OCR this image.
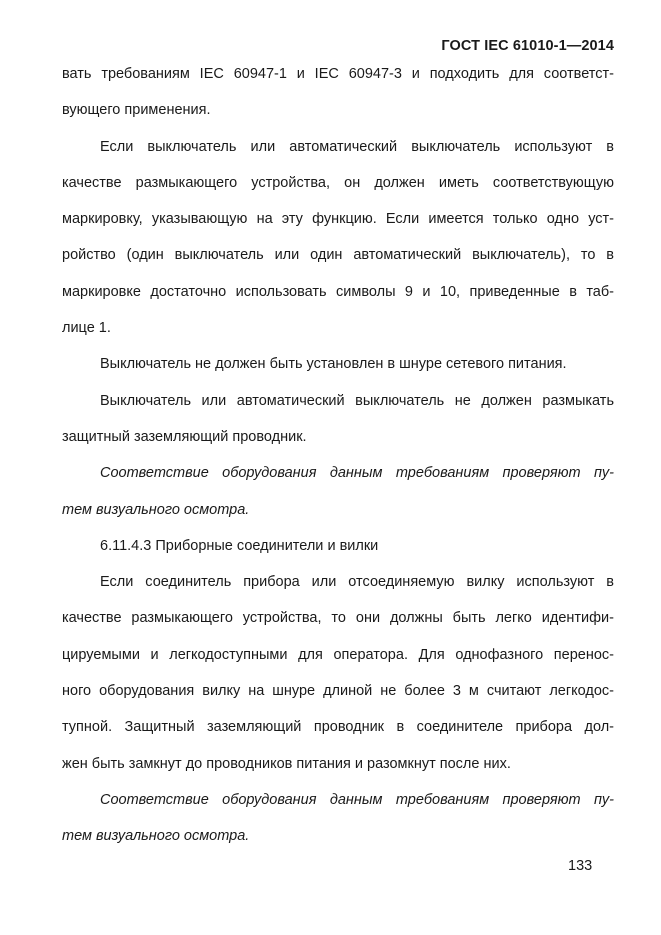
ГОСТ IEC 61010-1—2014
вать требованиям IEC 60947-1 и IEC 60947-3 и подходить для соответст-
вующего применения.
Если выключатель или автоматический выключатель используют в
качестве размыкающего устройства, он должен иметь соответствующую
маркировку, указывающую на эту функцию. Если имеется только одно уст-
ройство (один выключатель или один автоматический выключатель), то в
маркировке достаточно использовать символы 9 и 10, приведенные в таб-
лице 1.
Выключатель не должен быть установлен в шнуре сетевого питания.
Выключатель или автоматический выключатель не должен размыкать
защитный заземляющий проводник.
Соответствие оборудования данным требованиям проверяют пу-
тем визуального осмотра.
6.11.4.3 Приборные соединители и вилки
Если соединитель прибора или отсоединяемую вилку используют в
качестве размыкающего устройства, то они должны быть легко идентифи-
цируемыми и легкодоступными для оператора. Для однофазного перенос-
ного оборудования вилку на шнуре длиной не более 3 м считают легкодос-
тупной. Защитный заземляющий проводник в соединителе прибора дол-
жен быть замкнут до проводников питания и разомкнут после них.
Соответствие оборудования данным требованиям проверяют пу-
тем визуального осмотра.
133
